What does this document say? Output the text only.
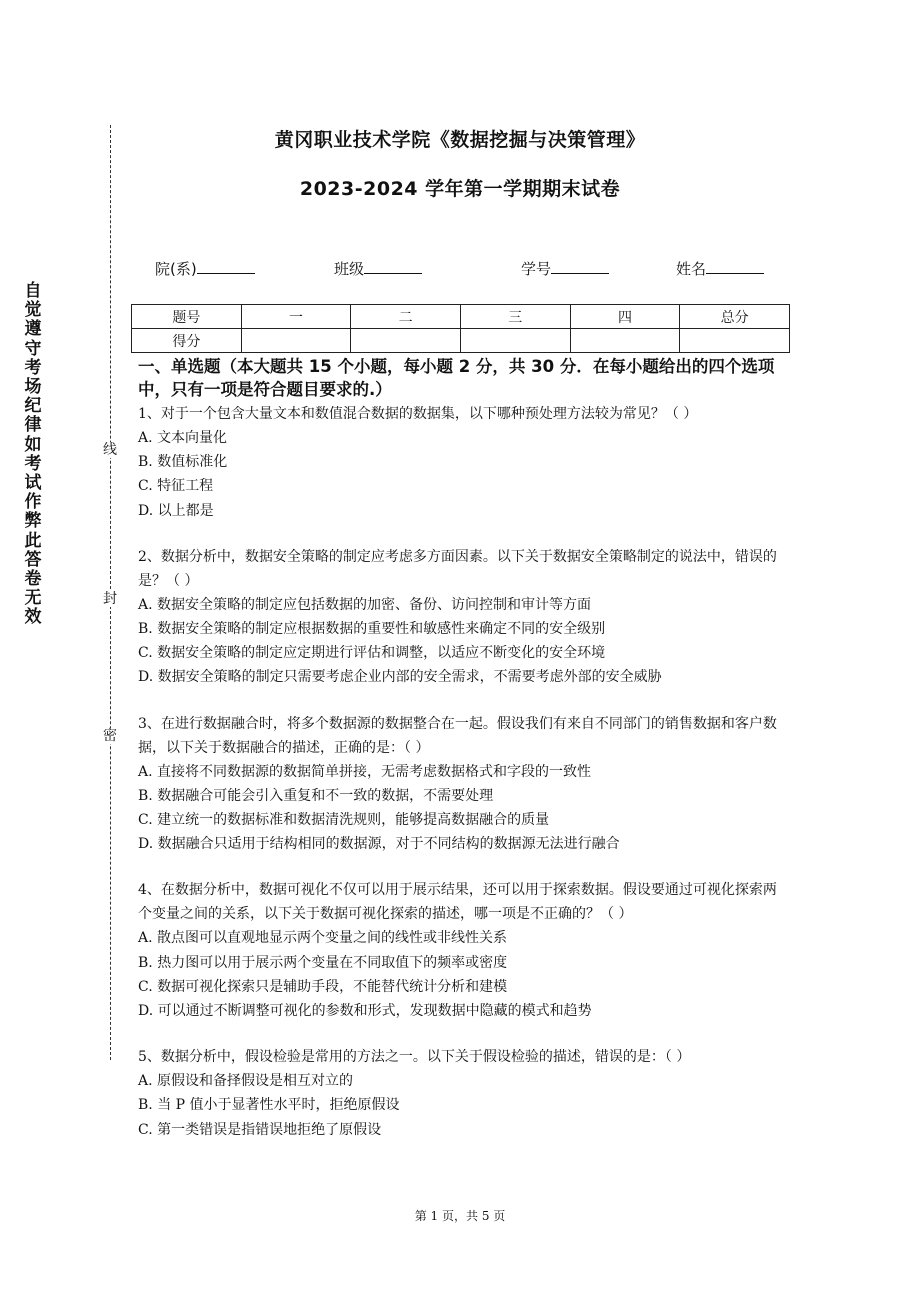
黄冈职业技术学院《数据挖掘与决策管理》
2023-2024 学年第一学期期末试卷
自觉遵守考场纪律如考试作弊此答卷无效
线
封
密
院(系)	班级	学号	姓名
题号	一	二	三	四	总分
得分					
一、单选题（本大题共 15 个小题，每小题 2 分，共 30 分．在每小题给出的四个选项中，只有一项是符合题目要求的.）
1、对于一个包含大量文本和数值混合数据的数据集，以下哪种预处理方法较为常见？（ ）
A. 文本向量化
B. 数值标准化
C. 特征工程
D. 以上都是
2、数据分析中，数据安全策略的制定应考虑多方面因素。以下关于数据安全策略制定的说法中，错误的是？（ ）
A. 数据安全策略的制定应包括数据的加密、备份、访问控制和审计等方面
B. 数据安全策略的制定应根据数据的重要性和敏感性来确定不同的安全级别
C. 数据安全策略的制定应定期进行评估和调整，以适应不断变化的安全环境
D. 数据安全策略的制定只需要考虑企业内部的安全需求，不需要考虑外部的安全威胁
3、在进行数据融合时，将多个数据源的数据整合在一起。假设我们有来自不同部门的销售数据和客户数据，以下关于数据融合的描述，正确的是：（ ）
A. 直接将不同数据源的数据简单拼接，无需考虑数据格式和字段的一致性
B. 数据融合可能会引入重复和不一致的数据，不需要处理
C. 建立统一的数据标准和数据清洗规则，能够提高数据融合的质量
D. 数据融合只适用于结构相同的数据源，对于不同结构的数据源无法进行融合
4、在数据分析中，数据可视化不仅可以用于展示结果，还可以用于探索数据。假设要通过可视化探索两个变量之间的关系，以下关于数据可视化探索的描述，哪一项是不正确的？（ ）
A. 散点图可以直观地显示两个变量之间的线性或非线性关系
B. 热力图可以用于展示两个变量在不同取值下的频率或密度
C. 数据可视化探索只是辅助手段，不能替代统计分析和建模
D. 可以通过不断调整可视化的参数和形式，发现数据中隐藏的模式和趋势
5、数据分析中，假设检验是常用的方法之一。以下关于假设检验的描述，错误的是：（ ）
A. 原假设和备择假设是相互对立的
B. 当 P 值小于显著性水平时，拒绝原假设
C. 第一类错误是指错误地拒绝了原假设
第 1 页，共 5 页
